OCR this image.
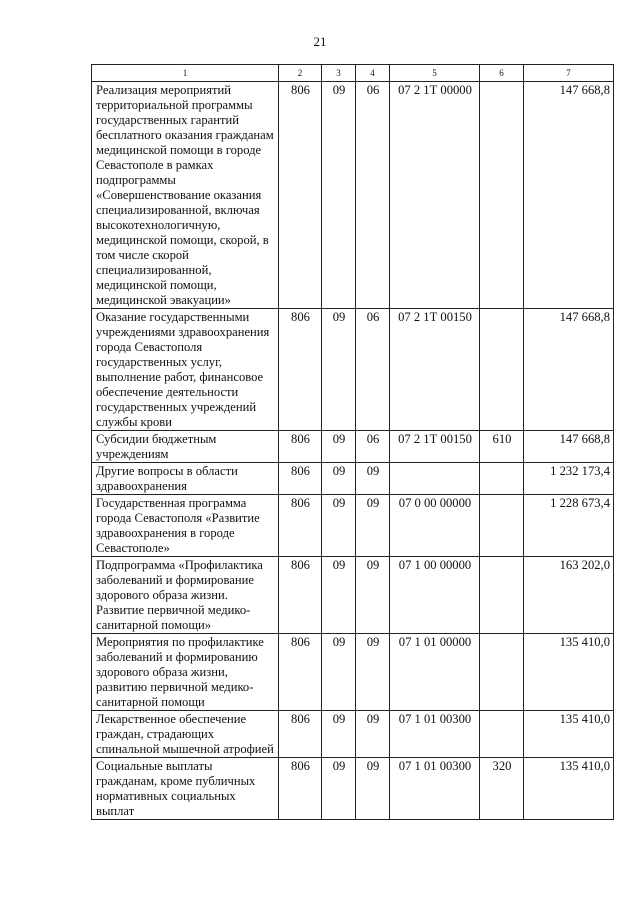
21
1	2	3	4	5	6	7
Реализация мероприятий территориальной программы государственных гарантий бесплатного оказания гражданам медицинской помощи в городе Севастополе в рамках подпрограммы «Совершенствование оказания специализированной, включая высокотехнологичную, медицинской помощи, скорой, в том числе скорой специализированной, медицинской помощи, медицинской эвакуации»	806	09	06	07 2 1Т 00000		147 668,8
Оказание государственными учреждениями здравоохранения города Севастополя государственных услуг, выполнение работ, финансовое обеспечение деятельности государственных учреждений службы крови	806	09	06	07 2 1Т 00150		147 668,8
Субсидии бюджетным учреждениям	806	09	06	07 2 1Т 00150	610	147 668,8
Другие вопросы в области здравоохранения	806	09	09			1 232 173,4
Государственная программа города Севастополя «Развитие здравоохранения в городе Севастополе»	806	09	09	07 0 00 00000		1 228 673,4
Подпрограмма «Профилактика заболеваний и формирование здорового образа жизни. Развитие первичной медико-санитарной помощи»	806	09	09	07 1 00 00000		163 202,0
Мероприятия по профилактике заболеваний и формированию здорового образа жизни, развитию первичной медико-санитарной помощи	806	09	09	07 1 01 00000		135 410,0
Лекарственное обеспечение граждан, страдающих спинальной мышечной атрофией	806	09	09	07 1 01 00300		135 410,0
Социальные выплаты гражданам, кроме публичных нормативных социальных выплат	806	09	09	07 1 01 00300	320	135 410,0
